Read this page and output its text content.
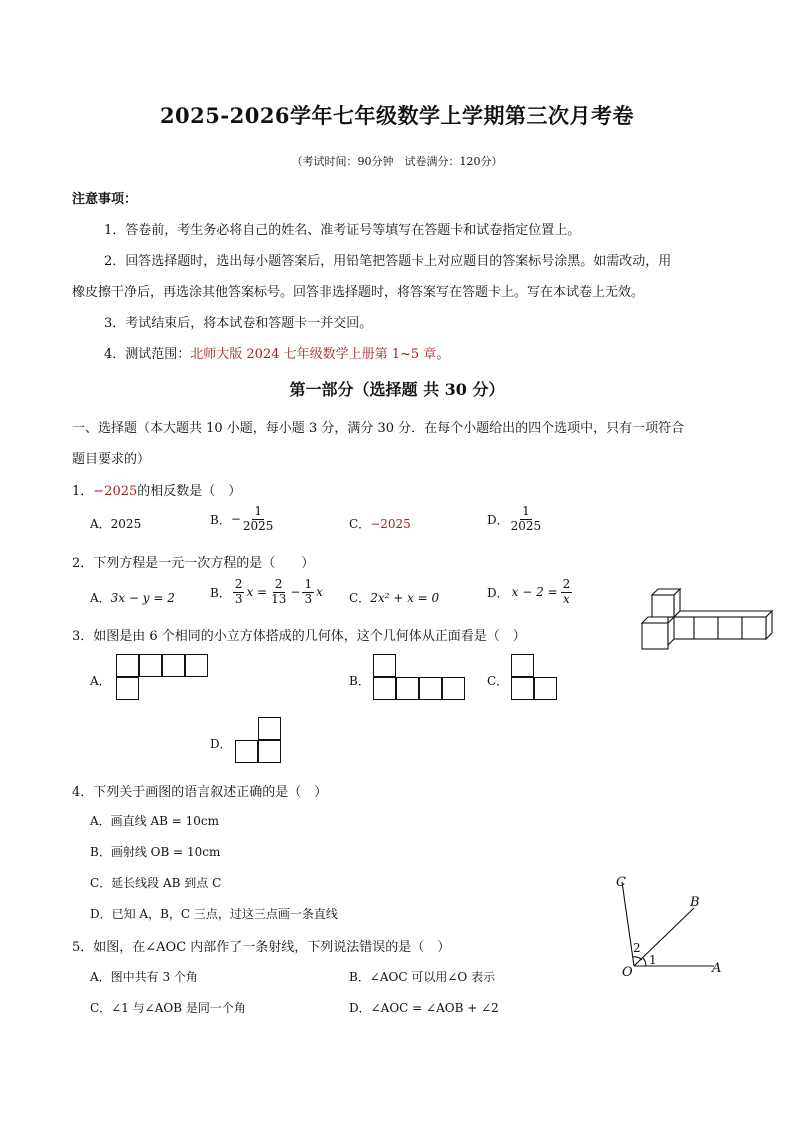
2025-2026学年七年级数学上学期第三次月考卷
（考试时间：90分钟　试卷满分：120分）
注意事项：
1．答卷前，考生务必将自己的姓名、准考证号等填写在答题卡和试卷指定位置上。
2．回答选择题时，选出每小题答案后，用铅笔把答题卡上对应题目的答案标号涂黑。如需改动，用
橡皮擦干净后，再选涂其他答案标号。回答非选择题时，将答案写在答题卡上。写在本试卷上无效。
3．考试结束后，将本试卷和答题卡一并交回。
4．测试范围：北师大版 2024 七年级数学上册第 1~5 章。
第一部分（选择题 共 30 分）
一、选择题（本大题共 10 小题，每小题 3 分，满分 30 分．在每个小题给出的四个选项中，只有一项符合
题目要求的）
1．−2025的相反数是（　）
A．2025	B． − $\frac{1}{2025}$	C．−2025	D． $\frac{1}{2025}$
2．下列方程是一元一次方程的是（　　）
A．3x − y = 2	B． $\frac{2}{3}$ $x = \frac{2}{13} - \frac{1}{3}$ x C．2x² + x = 0	D． $x - 2 = \frac{2}{x}$
3．如图是由 6 个相同的小立方体搭成的几何体，这个几何体从正面看是（　）
A．	B．	C．
D．
4．下列关于画图的语言叙述正确的是（　）
A．画直线 AB = 10cm
B．画射线 OB = 10cm
C．延长线段 AB 到点 C
D．已知 A，B，C 三点，过这三点画一条直线
C
B
A
O
1
2
5．如图，在∠AOC 内部作了一条射线，下列说法错误的是（　）
A．图中共有 3 个角	B．∠AOC 可以用∠O 表示
C．∠1 与∠AOB 是同一个角	D．∠AOC = ∠AOB + ∠2
